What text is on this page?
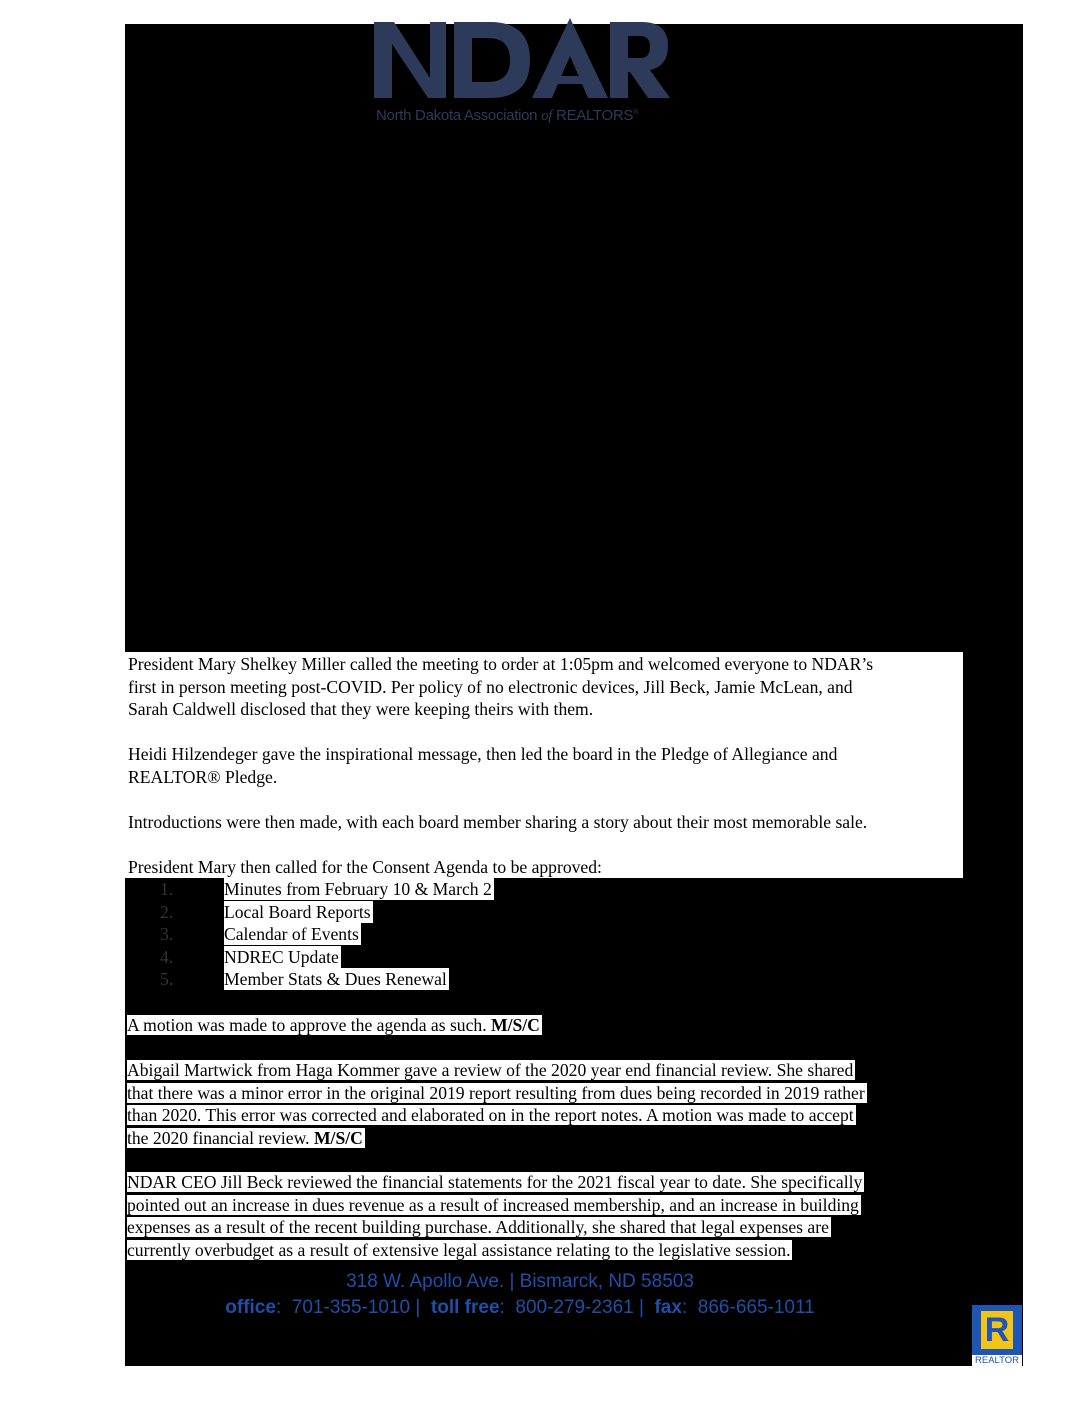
North Dakota Association of REALTORS®
President Mary Shelkey Miller called the meeting to order at 1:05pm and welcomed everyone to NDAR’s
first in person meeting post-COVID. Per policy of no electronic devices, Jill Beck, Jamie McLean, and
Sarah Caldwell disclosed that they were keeping theirs with them.
Heidi Hilzendeger gave the inspirational message, then led the board in the Pledge of Allegiance and
REALTOR® Pledge.
Introductions were then made, with each board member sharing a story about their most memorable sale.
President Mary then called for the Consent Agenda to be approved:
1.	Minutes from February 10 & March 2
2.	Local Board Reports
3.	Calendar of Events
4.	NDREC Update
5.	Member Stats & Dues Renewal
A motion was made to approve the agenda as such. M/S/C
Abigail Martwick from Haga Kommer gave a review of the 2020 year end financial review. She shared
that there was a minor error in the original 2019 report resulting from dues being recorded in 2019 rather
than 2020. This error was corrected and elaborated on in the report notes. A motion was made to accept
the 2020 financial review. M/S/C
NDAR CEO Jill Beck reviewed the financial statements for the 2021 fiscal year to date. She specifically
pointed out an increase in dues revenue as a result of increased membership, and an increase in building
expenses as a result of the recent building purchase. Additionally, she shared that legal expenses are
currently overbudget as a result of extensive legal assistance relating to the legislative session.
318 W. Apollo Ave. | Bismarck, ND 58503
office:  701-355-1010 |  toll free:  800-279-2361 |  fax:  866-665-1011
R
REALTOR
